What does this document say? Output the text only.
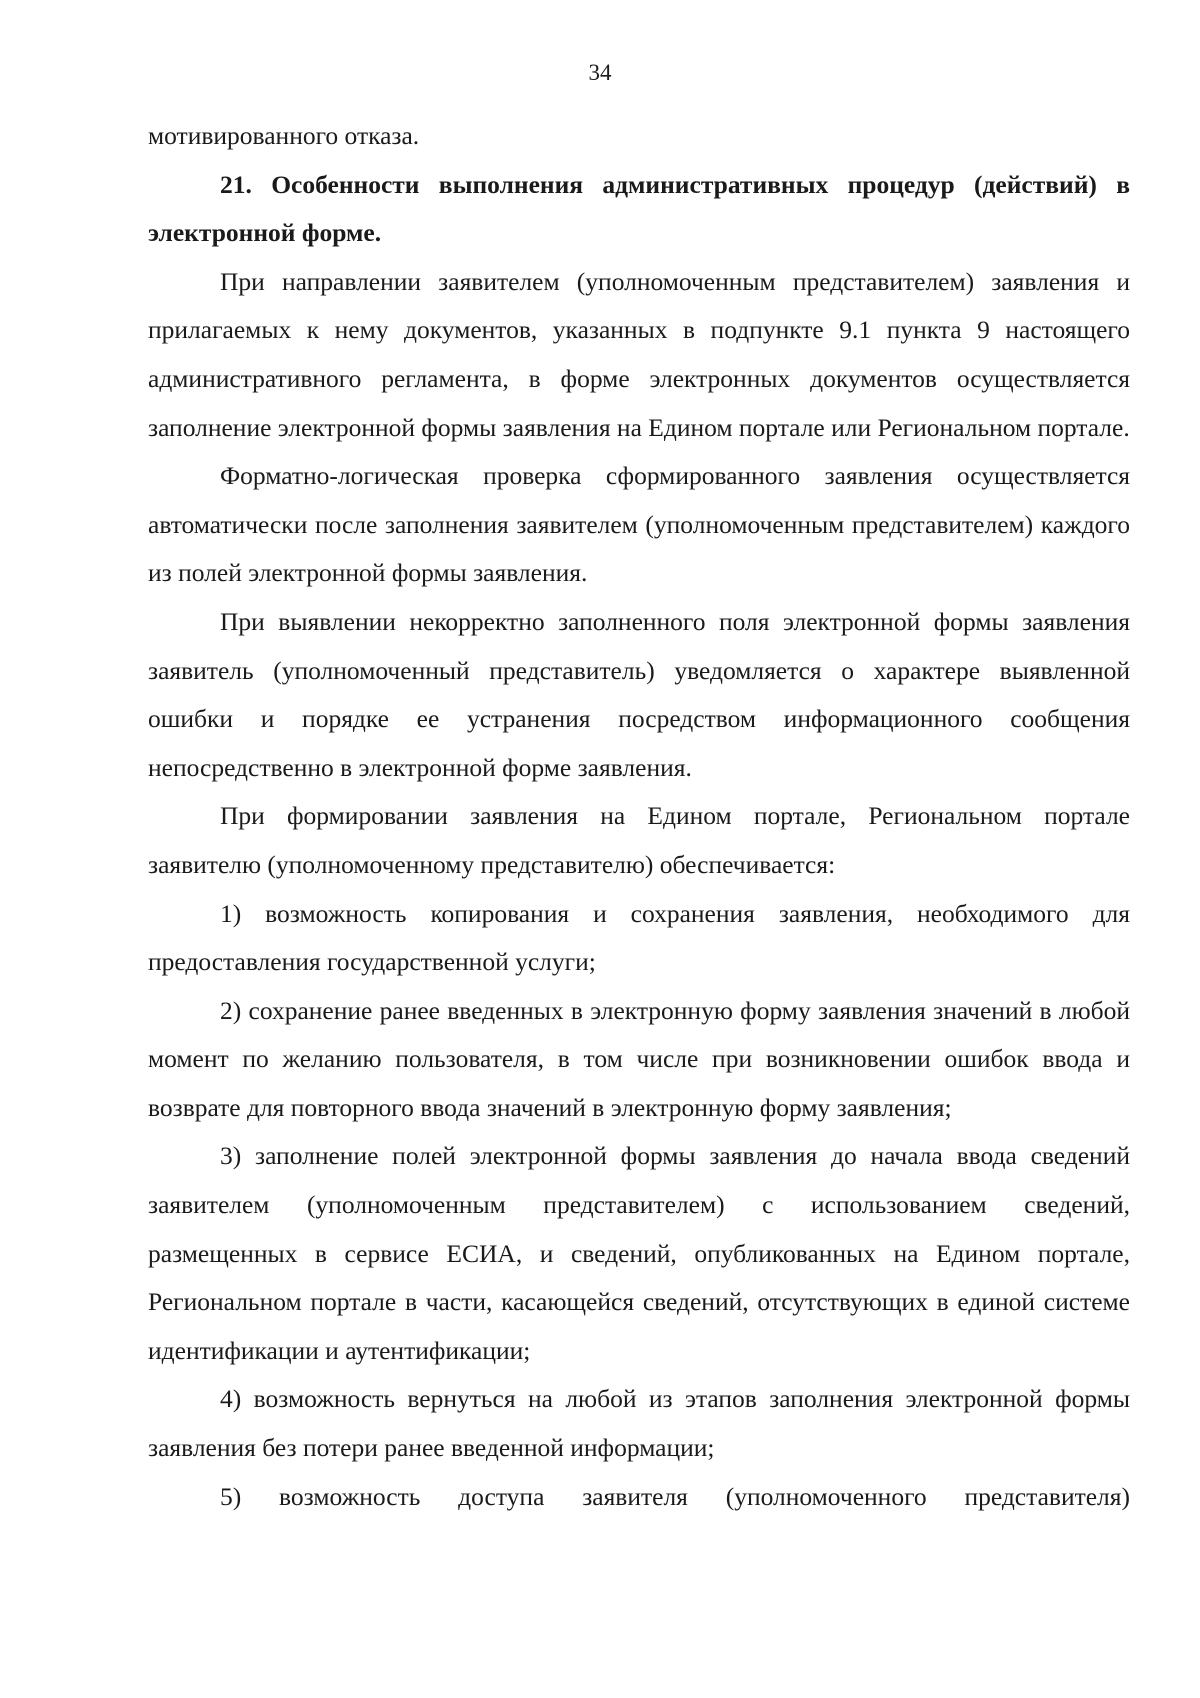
34

мотивированного отказа.

21. Особенности выполнения административных процедур (действий) в электронной форме.

При направлении заявителем (уполномоченным представителем) заявления и прилагаемых к нему документов, указанных в подпункте 9.1 пункта 9 настоящего административного регламента, в форме электронных документов осуществляется заполнение электронной формы заявления на Едином портале или Региональном портале.

Форматно-логическая проверка сформированного заявления осуществляется автоматически после заполнения заявителем (уполномоченным представителем) каждого из полей электронной формы заявления.

При выявлении некорректно заполненного поля электронной формы заявления заявитель (уполномоченный представитель) уведомляется о характере выявленной ошибки и порядке ее устранения посредством информационного сообщения непосредственно в электронной форме заявления.

При формировании заявления на Едином портале, Региональном портале заявителю (уполномоченному представителю) обеспечивается:

1) возможность копирования и сохранения заявления, необходимого для предоставления государственной услуги;

2) сохранение ранее введенных в электронную форму заявления значений в любой момент по желанию пользователя, в том числе при возникновении ошибок ввода и возврате для повторного ввода значений в электронную форму заявления;

3) заполнение полей электронной формы заявления до начала ввода сведений заявителем (уполномоченным представителем) с использованием сведений, размещенных в сервисе ЕСИА, и сведений, опубликованных на Едином портале, Региональном портале в части, касающейся сведений, отсутствующих в единой системе идентификации и аутентификации;

4) возможность вернуться на любой из этапов заполнения электронной формы заявления без потери ранее введенной информации;

5) возможность доступа заявителя (уполномоченного представителя)
